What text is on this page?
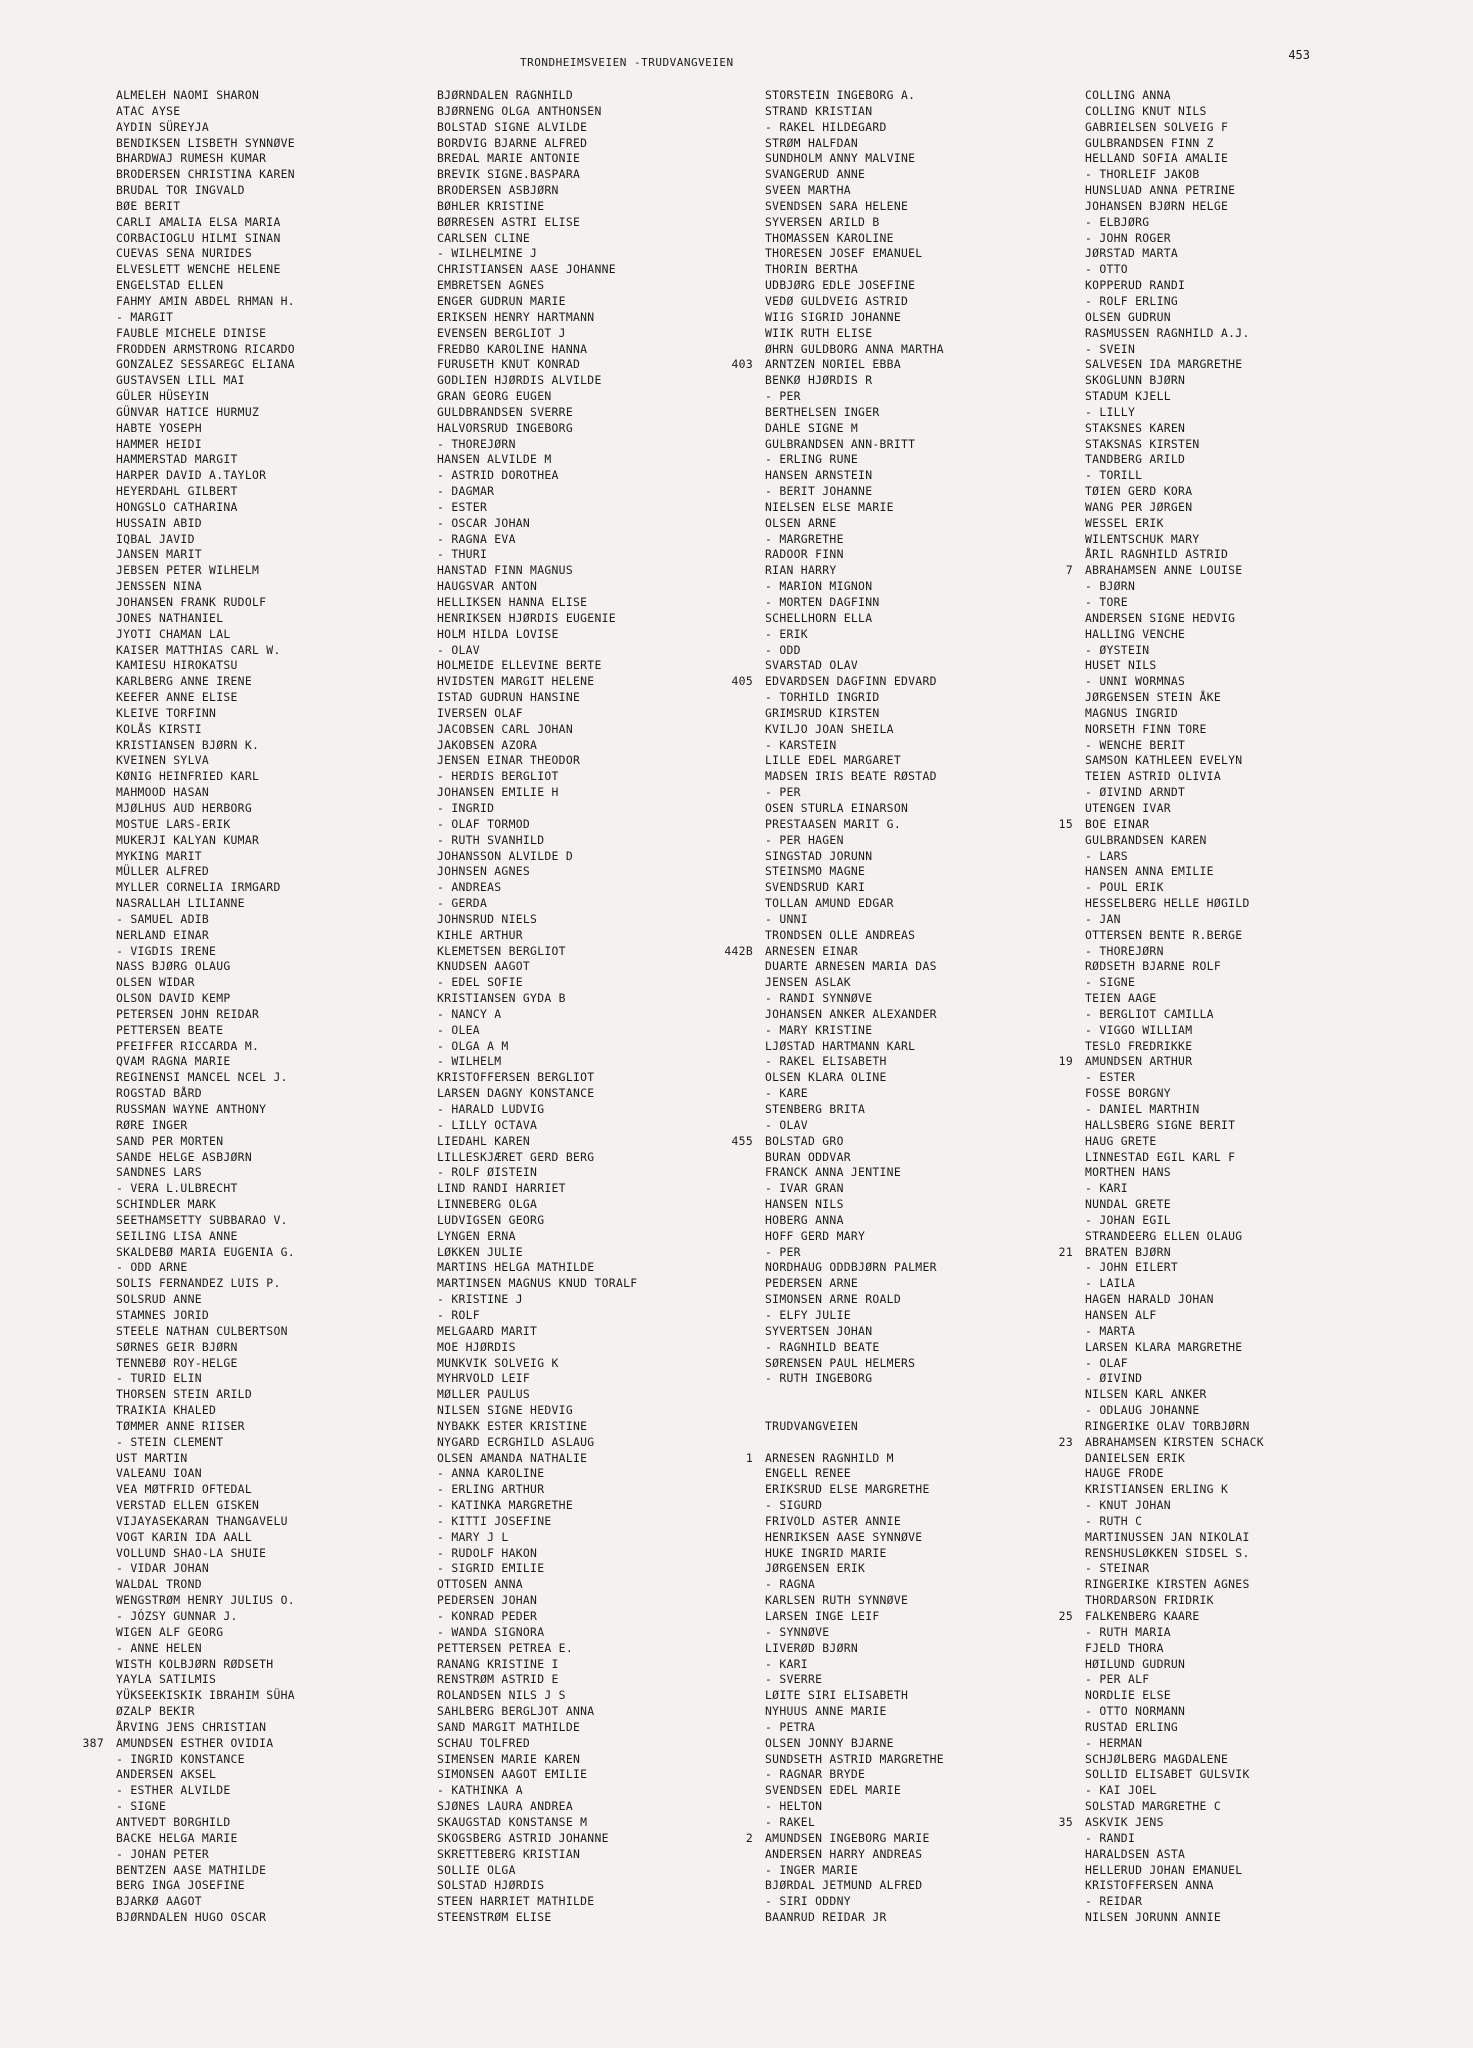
TRONDHEIMSVEIEN -TRUDVANGVEIEN
453
ALMELEH NAOMI SHARON
ATAC AYSE
AYDIN SÜREYJA
BENDIKSEN LISBETH SYNNØVE
BHARDWAJ RUMESH KUMAR
BRODERSEN CHRISTINA KAREN
BRUDAL TOR INGVALD
BØE BERIT
CARLI AMALIA ELSA MARIA
CORBACIOGLU HILMI SINAN
CUEVAS SENA NURIDES
ELVESLETT WENCHE HELENE
ENGELSTAD ELLEN
FAHMY AMIN ABDEL RHMAN H.
- MARGIT
FAUBLE MICHELE DINISE
FRODDEN ARMSTRONG RICARDO
GONZALEZ SESSAREGC ELIANA
GUSTAVSEN LILL MAI
GÜLER HÜSEYIN
GÜNVAR HATICE HURMUZ
HABTE YOSEPH
HAMMER HEIDI
HAMMERSTAD MARGIT
HARPER DAVID A.TAYLOR
HEYERDAHL GILBERT
HONGSLO CATHARINA
HUSSAIN ABID
IQBAL JAVID
JANSEN MARIT
JEBSEN PETER WILHELM
JENSSEN NINA
JOHANSEN FRANK RUDOLF
JONES NATHANIEL
JYOTI CHAMAN LAL
KAISER MATTHIAS CARL W.
KAMIESU HIROKATSU
KARLBERG ANNE IRENE
KEEFER ANNE ELISE
KLEIVE TORFINN
KOLÅS KIRSTI
KRISTIANSEN BJØRN K.
KVEINEN SYLVA
KØNIG HEINFRIED KARL
MAHMOOD HASAN
MJØLHUS AUD HERBORG
MOSTUE LARS-ERIK
MUKERJI KALYAN KUMAR
MYKING MARIT
MÜLLER ALFRED
MYLLER CORNELIA IRMGARD
NASRALLAH LILIANNE
- SAMUEL ADIB
NERLAND EINAR
- VIGDIS IRENE
NASS BJØRG OLAUG
OLSEN WIDAR
OLSON DAVID KEMP
PETERSEN JOHN REIDAR
PETTERSEN BEATE
PFEIFFER RICCARDA M.
QVAM RAGNA MARIE
REGINENSI MANCEL NCEL J.
ROGSTAD BÅRD
RUSSMAN WAYNE ANTHONY
RØRE INGER
SAND PER MORTEN
SANDE HELGE ASBJØRN
SANDNES LARS
- VERA L.ULBRECHT
SCHINDLER MARK
SEETHAMSETTY SUBBARAO V.
SEILING LISA ANNE
SKALDEBØ MARIA EUGENIA G.
- ODD ARNE
SOLIS FERNANDEZ LUIS P.
SOLSRUD ANNE
STAMNES JORID
STEELE NATHAN CULBERTSON
SØRNES GEIR BJØRN
TENNEBØ ROY-HELGE
- TURID ELIN
THORSEN STEIN ARILD
TRAIKIA KHALED
TØMMER ANNE RIISER
- STEIN CLEMENT
UST MARTIN
VALEANU IOAN
VEA MØTFRID OFTEDAL
VERSTAD ELLEN GISKEN
VIJAYASEKARAN THANGAVELU
VOGT KARIN IDA AALL
VOLLUND SHAO-LA SHUIE
- VIDAR JOHAN
WALDAL TROND
WENGSTRØM HENRY JULIUS O.
- JÓZSY GUNNAR J.
WIGEN ALF GEORG
- ANNE HELEN
WISTH KOLBJØRN RØDSETH
YAYLA SATILMIS
YÜKSEEKISKIK IBRAHIM SÜHA
ØZALP BEKIR
ÅRVING JENS CHRISTIAN
387 AMUNDSEN ESTHER OVIDIA
- INGRID KONSTANCE
ANDERSEN AKSEL
- ESTHER ALVILDE
- SIGNE
ANTVEDT BORGHILD
BACKE HELGA MARIE
- JOHAN PETER
BENTZEN AASE MATHILDE
BERG INGA JOSEFINE
BJARKØ AAGOT
BJØRNDALEN HUGO OSCAR
BJØRNDALEN RAGNHILD
BJØRNENG OLGA ANTHONSEN
BOLSTAD SIGNE ALVILDE
BORDVIG BJARNE ALFRED
BREDAL MARIE ANTONIE
BREVIK SIGNE.BASPARA
BRODERSEN ASBJØRN
BØHLER KRISTINE
BØRRESEN ASTRI ELISE
CARLSEN CLINE
- WILHELMINE J
CHRISTIANSEN AASE JOHANNE
EMBRETSEN AGNES
ENGER GUDRUN MARIE
ERIKSEN HENRY HARTMANN
EVENSEN BERGLIOT J
FREDBO KAROLINE HANNA
FURUSETH KNUT KONRAD
GODLIEN HJØRDIS ALVILDE
GRAN GEORG EUGEN
GULDBRANDSEN SVERRE
HALVORSRUD INGEBORG
- THOREJØRN
HANSEN ALVILDE M
- ASTRID DOROTHEA
- DAGMAR
- ESTER
- OSCAR JOHAN
- RAGNA EVA
- THURI
HANSTAD FINN MAGNUS
HAUGSVAR ANTON
HELLIKSEN HANNA ELISE
HENRIKSEN HJØRDIS EUGENIE
HOLM HILDA LOVISE
- OLAV
HOLMEIDE ELLEVINE BERTE
HVIDSTEN MARGIT HELENE
ISTAD GUDRUN HANSINE
IVERSEN OLAF
JACOBSEN CARL JOHAN
JAKOBSEN AZORA
JENSEN EINAR THEODOR
- HERDIS BERGLIOT
JOHANSEN EMILIE H
- INGRID
- OLAF TORMOD
- RUTH SVANHILD
JOHANSSON ALVILDE D
JOHNSEN AGNES
- ANDREAS
- GERDA
JOHNSRUD NIELS
KIHLE ARTHUR
KLEMETSEN BERGLIOT
KNUDSEN AAGOT
- EDEL SOFIE
KRISTIANSEN GYDA B
- NANCY A
- OLEA
- OLGA A M
- WILHELM
KRISTOFFERSEN BERGLIOT
LARSEN DAGNY KONSTANCE
- HARALD LUDVIG
- LILLY OCTAVA
LIEDAHL KAREN
LILLESKJÆRET GERD BERG
- ROLF ØISTEIN
LIND RANDI HARRIET
LINNEBERG OLGA
LUDVIGSEN GEORG
LYNGEN ERNA
LØKKEN JULIE
MARTINS HELGA MATHILDE
MARTINSEN MAGNUS KNUD TORALF
- KRISTINE J
- ROLF
MELGAARD MARIT
MOE HJØRDIS
MUNKVIK SOLVEIG K
MYHRVOLD LEIF
MØLLER PAULUS
NILSEN SIGNE HEDVIG
NYBAKK ESTER KRISTINE
NYGARD ECRGHILD ASLAUG
OLSEN AMANDA NATHALIE
- ANNA KAROLINE
- ERLING ARTHUR
- KATINKA MARGRETHE
- KITTI JOSEFINE
- MARY J L
- RUDOLF HAKON
- SIGRID EMILIE
OTTOSEN ANNA
PEDERSEN JOHAN
- KONRAD PEDER
- WANDA SIGNORA
PETTERSEN PETREA E.
RANANG KRISTINE I
RENSTRØM ASTRID E
ROLANDSEN NILS J S
SAHLBERG BERGLJOT ANNA
SAND MARGIT MATHILDE
SCHAU TOLFRED
SIMENSEN MARIE KAREN
SIMONSEN AAGOT EMILIE
- KATHINKA A
SJØNES LAURA ANDREA
SKAUGSTAD KONSTANSE M
SKOGSBERG ASTRID JOHANNE
SKRETTEBERG KRISTIAN
SOLLIE OLGA
SOLSTAD HJØRDIS
STEEN HARRIET MATHILDE
STEENSTRØM ELISE
STORSTEIN INGEBORG A.
STRAND KRISTIAN
- RAKEL HILDEGARD
STRØM HALFDAN
SUNDHOLM ANNY MALVINE
SVANGERUD ANNE
SVEEN MARTHA
SVENDSEN SARA HELENE
SYVERSEN ARILD B
THOMASSEN KAROLINE
THORESEN JOSEF EMANUEL
THORIN BERTHA
UDBJØRG EDLE JOSEFINE
VEDØ GULDVEIG ASTRID
WIIG SIGRID JOHANNE
WIIK RUTH ELISE
ØHRN GULDBORG ANNA MARTHA
403 ARNTZEN NORIEL EBBA
BENKØ HJØRDIS R
- PER
BERTHELSEN INGER
DAHLE SIGNE M
GULBRANDSEN ANN-BRITT
- ERLING RUNE
HANSEN ARNSTEIN
- BERIT JOHANNE
NIELSEN ELSE MARIE
OLSEN ARNE
- MARGRETHE
RADOOR FINN
RIAN HARRY
- MARION MIGNON
- MORTEN DAGFINN
SCHELLHORN ELLA
- ERIK
- ODD
SVARSTAD OLAV
405 EDVARDSEN DAGFINN EDVARD
- TORHILD INGRID
GRIMSRUD KIRSTEN
KVILJO JOAN SHEILA
- KARSTEIN
LILLE EDEL MARGARET
MADSEN IRIS BEATE RØSTAD
- PER
OSEN STURLA EINARSON
PRESTAASEN MARIT G.
- PER HAGEN
SINGSTAD JORUNN
STEINSMO MAGNE
SVENDSRUD KARI
TOLLAN AMUND EDGAR
- UNNI
TRONDSEN OLLE ANDREAS
442B ARNESEN EINAR
DUARTE ARNESEN MARIA DAS
JENSEN ASLAK
- RANDI SYNNØVE
JOHANSEN ANKER ALEXANDER
- MARY KRISTINE
LJØSTAD HARTMANN KARL
- RAKEL ELISABETH
OLSEN KLARA OLINE
- KARE
STENBERG BRITA
- OLAV
455 BOLSTAD GRO
BURAN ODDVAR
FRANCK ANNA JENTINE
- IVAR GRAN
HANSEN NILS
HOBERG ANNA
HOFF GERD MARY
- PER
NORDHAUG ODDBJØRN PALMER
PEDERSEN ARNE
SIMONSEN ARNE ROALD
- ELFY JULIE
SYVERTSEN JOHAN
- RAGNHILD BEATE
SØRENSEN PAUL HELMERS
- RUTH INGEBORG
TRUDVANGVEIEN
1 ARNESEN RAGNHILD M
ENGELL RENEE
ERIKSRUD ELSE MARGRETHE
- SIGURD
FRIVOLD ASTER ANNIE
HENRIKSEN AASE SYNNØVE
HUKE INGRID MARIE
JØRGENSEN ERIK
- RAGNA
KARLSEN RUTH SYNNØVE
LARSEN INGE LEIF
- SYNNØVE
LIVERØD BJØRN
- KARI
- SVERRE
LØITE SIRI ELISABETH
NYHUUS ANNE MARIE
- PETRA
OLSEN JONNY BJARNE
SUNDSETH ASTRID MARGRETHE
- RAGNAR BRYDE
SVENDSEN EDEL MARIE
- HELTON
- RAKEL
2 AMUNDSEN INGEBORG MARIE
ANDERSEN HARRY ANDREAS
- INGER MARIE
BJØRDAL JETMUND ALFRED
- SIRI ODDNY
BAANRUD REIDAR JR
COLLING ANNA
COLLING KNUT NILS
GABRIELSEN SOLVEIG F
GULBRANDSEN FINN Z
HELLAND SOFIA AMALIE
- THORLEIF JAKOB
HUNSLUAD ANNA PETRINE
JOHANSEN BJØRN HELGE
- ELBJØRG
- JOHN ROGER
JØRSTAD MARTA
- OTTO
KOPPERUD RANDI
- ROLF ERLING
OLSEN GUDRUN
RASMUSSEN RAGNHILD A.J.
- SVEIN
SALVESEN IDA MARGRETHE
SKOGLUNN BJØRN
STADUM KJELL
- LILLY
STAKSNES KAREN
STAKSNAS KIRSTEN
TANDBERG ARILD
- TORILL
TØIEN GERD KORA
WANG PER JØRGEN
WESSEL ERIK
WILENTSCHUK MARY
ÅRIL RAGNHILD ASTRID
7 ABRAHAMSEN ANNE LOUISE
- BJØRN
- TORE
ANDERSEN SIGNE HEDVIG
HALLING VENCHE
- ØYSTEIN
HUSET NILS
- UNNI WORMNAS
JØRGENSEN STEIN ÅKE
MAGNUS INGRID
NORSETH FINN TORE
- WENCHE BERIT
SAMSON KATHLEEN EVELYN
TEIEN ASTRID OLIVIA
- ØIVIND ARNDT
UTENGEN IVAR
15 BOE EINAR
GULBRANDSEN KAREN
- LARS
HANSEN ANNA EMILIE
- POUL ERIK
HESSELBERG HELLE HØGILD
- JAN
OTTERSEN BENTE R.BERGE
- THOREJØRN
RØDSETH BJARNE ROLF
- SIGNE
TEIEN AAGE
- BERGLIOT CAMILLA
- VIGGO WILLIAM
TESLO FREDRIKKE
19 AMUNDSEN ARTHUR
- ESTER
FOSSE BORGNY
- DANIEL MARTHIN
HALLSBERG SIGNE BERIT
HAUG GRETE
LINNESTAD EGIL KARL F
MORTHEN HANS
- KARI
NUNDAL GRETE
- JOHAN EGIL
STRANDEERG ELLEN OLAUG
21 BRATEN BJØRN
- JOHN EILERT
- LAILA
HAGEN HARALD JOHAN
HANSEN ALF
- MARTA
LARSEN KLARA MARGRETHE
- OLAF
- ØIVIND
NILSEN KARL ANKER
- ODLAUG JOHANNE
RINGERIKE OLAV TORBJØRN
23 ABRAHAMSEN KIRSTEN SCHACK
DANIELSEN ERIK
HAUGE FRODE
KRISTIANSEN ERLING K
- KNUT JOHAN
- RUTH C
MARTINUSSEN JAN NIKOLAI
RENSHUSLØKKEN SIDSEL S.
- STEINAR
RINGERIKE KIRSTEN AGNES
THORDARSON FRIDRIK
25 FALKENBERG KAARE
- RUTH MARIA
FJELD THORA
HØILUND GUDRUN
- PER ALF
NORDLIE ELSE
- OTTO NORMANN
RUSTAD ERLING
- HERMAN
SCHJØLBERG MAGDALENE
SOLLID ELISABET GULSVIK
- KAI JOEL
SOLSTAD MARGRETHE C
35 ASKVIK JENS
- RANDI
HARALDSEN ASTA
HELLERUD JOHAN EMANUEL
KRISTOFFERSEN ANNA
- REIDAR
NILSEN JORUNN ANNIE
